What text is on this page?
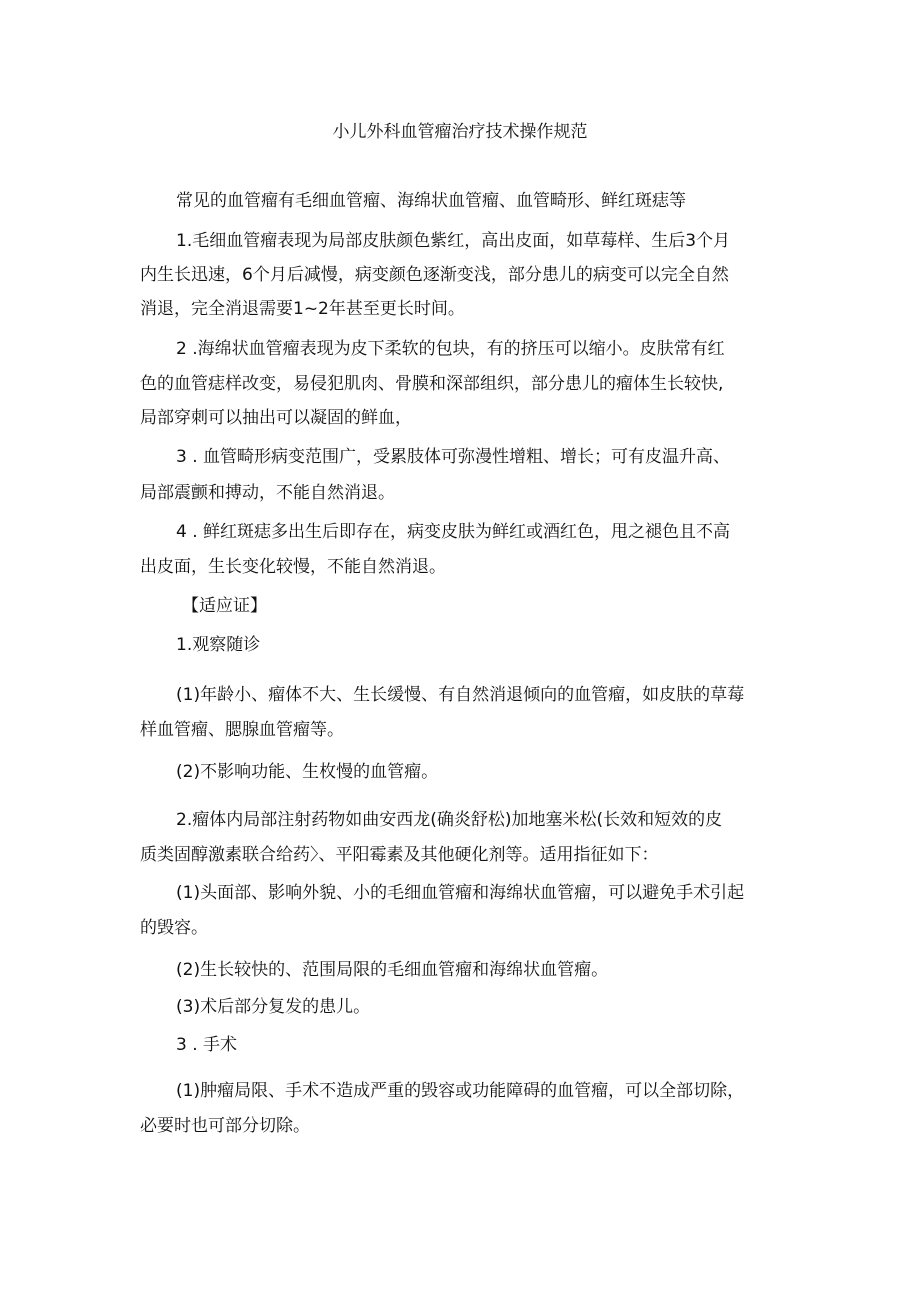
小儿外科血管瘤治疗技术操作规范
常见的血管瘤有毛细血管瘤、海绵状血管瘤、血管畸形、鲜红斑痣等
1.毛细血管瘤表现为局部皮肤颜色紫红，高出皮面，如草莓样、生后3个月
内生长迅速，6个月后减慢，病变颜色逐渐变浅，部分患儿的病变可以完全自然
消退，完全消退需要1~2年甚至更长时间。
2 .海绵状血管瘤表现为皮下柔软的包块，有的挤压可以缩小。皮肤常有红
色的血管痣样改变，易侵犯肌肉、骨膜和深部组织，部分患儿的瘤体生长较快,
局部穿刺可以抽出可以凝固的鲜血，
3 . 血管畸形病变范围广，受累肢体可弥漫性增粗、增长；可有皮温升高、
局部震颤和搏动，不能自然消退。
4 . 鲜红斑痣多出生后即存在，病变皮肤为鲜红或酒红色，甩之褪色且不高
出皮面，生长变化较慢，不能自然消退。
【适应证】
1.观察随诊
(1)年龄小、瘤体不大、生长缓慢、有自然消退倾向的血管瘤，如皮肤的草莓
样血管瘤、腮腺血管瘤等。
(2)不影响功能、生枚慢的血管瘤。
2.瘤体内局部注射药物如曲安西龙(确炎舒松)加地塞米松(长效和短效的皮
质类固醇激素联合给药〉、平阳霉素及其他硬化剂等。适用指征如下：
(1)头面部、影响外貌、小的毛细血管瘤和海绵状血管瘤，可以避免手术引起
的毁容。
(2)生长较快的、范围局限的毛细血管瘤和海绵状血管瘤。
(3)术后部分复发的患儿。
3 . 手术
(1)肿瘤局限、手术不造成严重的毁容或功能障碍的血管瘤，可以全部切除，
必要时也可部分切除。
